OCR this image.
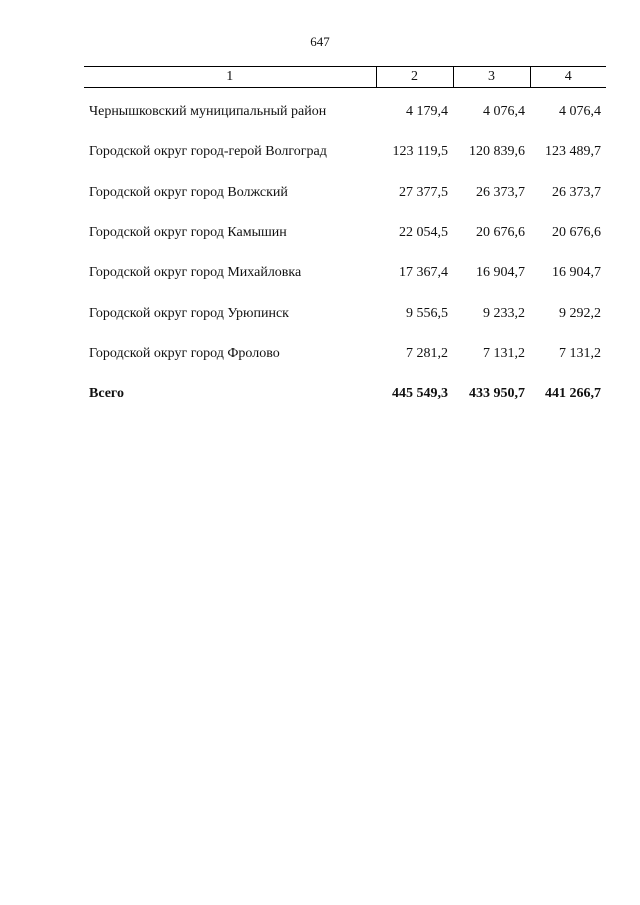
647
1	2	3	4

Чернышковский муниципальный район	4 179,4	4 076,4	4 076,4
Городской округ город-герой Волгоград	123 119,5	120 839,6	123 489,7
Городской округ город Волжский	27 377,5	26 373,7	26 373,7
Городской округ город Камышин	22 054,5	20 676,6	20 676,6
Городской округ город Михайловка	17 367,4	16 904,7	16 904,7
Городской округ город Урюпинск	9 556,5	9 233,2	9 292,2
Городской округ город Фролово	7 281,2	7 131,2	7 131,2
Всего	445 549,3	433 950,7	441 266,7
